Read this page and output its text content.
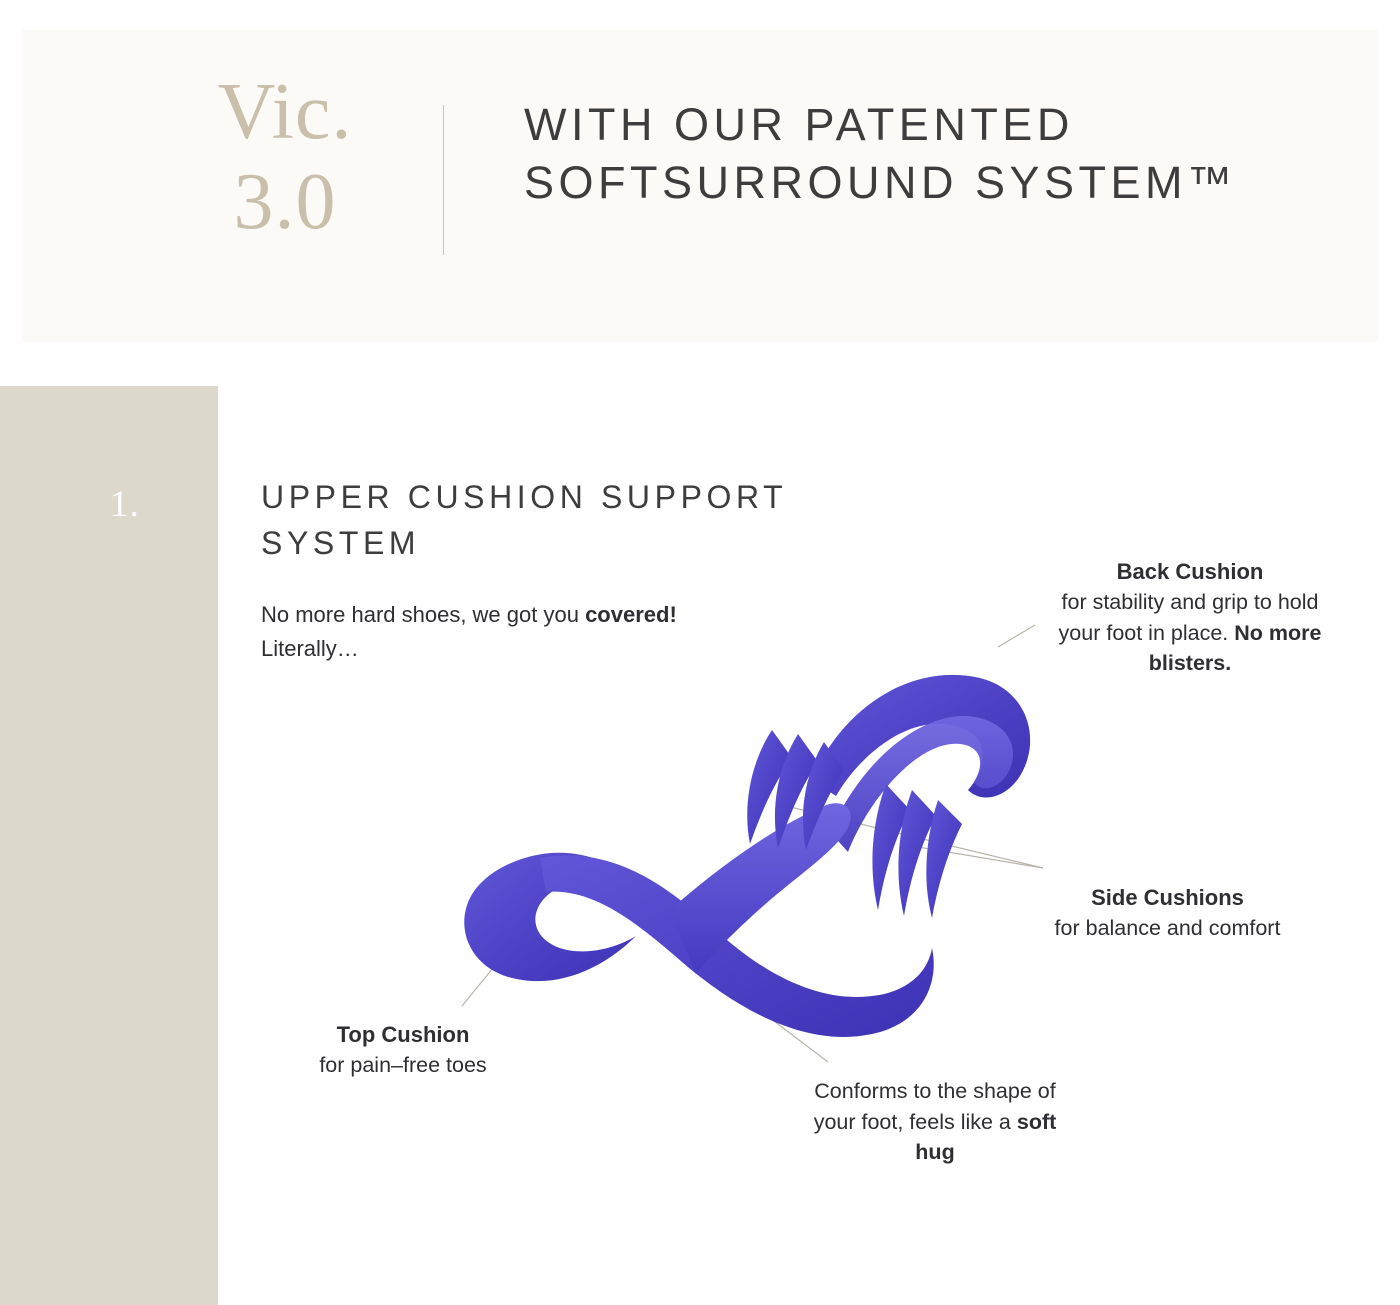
Vic.
3.0
WITH OUR PATENTED SOFTSURROUND SYSTEM™
1.	UPPER CUSHION SUPPORT SYSTEM
No more hard shoes, we got you covered! Literally…
Back Cushion
for stability and grip to hold your foot in place. No more blisters.
Side Cushions
for balance and comfort
Top Cushion
for pain–free toes
Conforms to the shape of your foot, feels like a soft hug
